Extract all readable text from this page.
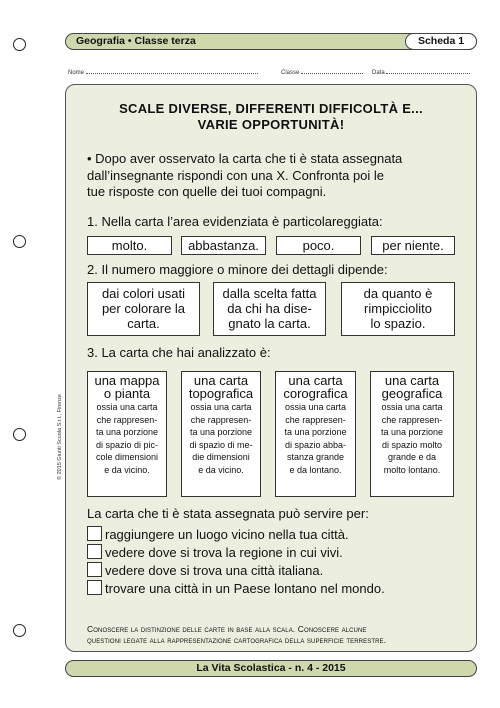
Geografia • Classe terza	Scheda 1
Nome	Classe	Data
SCALE DIVERSE, DIFFERENTI DIFFICOLTÀ E...
VARIE OPPORTUNITÀ!
• Dopo aver osservato la carta che ti è stata assegnata
dall’insegnante rispondi con una X. Confronta poi le
tue risposte con quelle dei tuoi compagni.
1. Nella carta l’area evidenziata è particolareggiata:
molto.	abbastanza.	poco.	per niente.
2. Il numero maggiore o minore dei dettagli dipende:
dai colori usati
per colorare la
carta.
dalla scelta fatta
da chi ha dise-
gnato la carta.
da quanto è
rimpicciolito
lo spazio.
3. La carta che hai analizzato è:
una mappa
o pianta
ossia una carta
che rappresen-
ta una porzione
di spazio di pic-
cole dimensioni
e da vicino.
una carta
topografica
ossia una carta
che rappresen-
ta una porzione
di spazio di me-
die dimensioni
e da vicino.
una carta
corografica
ossia una carta
che rappresen-
ta una porzione
di spazio abba-
stanza grande
e da lontano.
una carta
geografica
ossia una carta
che rappresen-
ta una porzione
di spazio molto
grande e da
molto lontano.
La carta che ti è stata assegnata può servire per:
raggiungere un luogo vicino nella tua città.
vedere dove si trova la regione in cui vivi.
vedere dove si trova una città italiana.
trovare una città in un Paese lontano nel mondo.
Conoscere la distinzione delle carte in base alla scala. Conoscere alcune
questioni legate alla rappresentazione cartografica della superficie terrestre.
© 2015 Giunti Scuola S.r.l., Firenze
La Vita Scolastica - n. 4 - 2015
